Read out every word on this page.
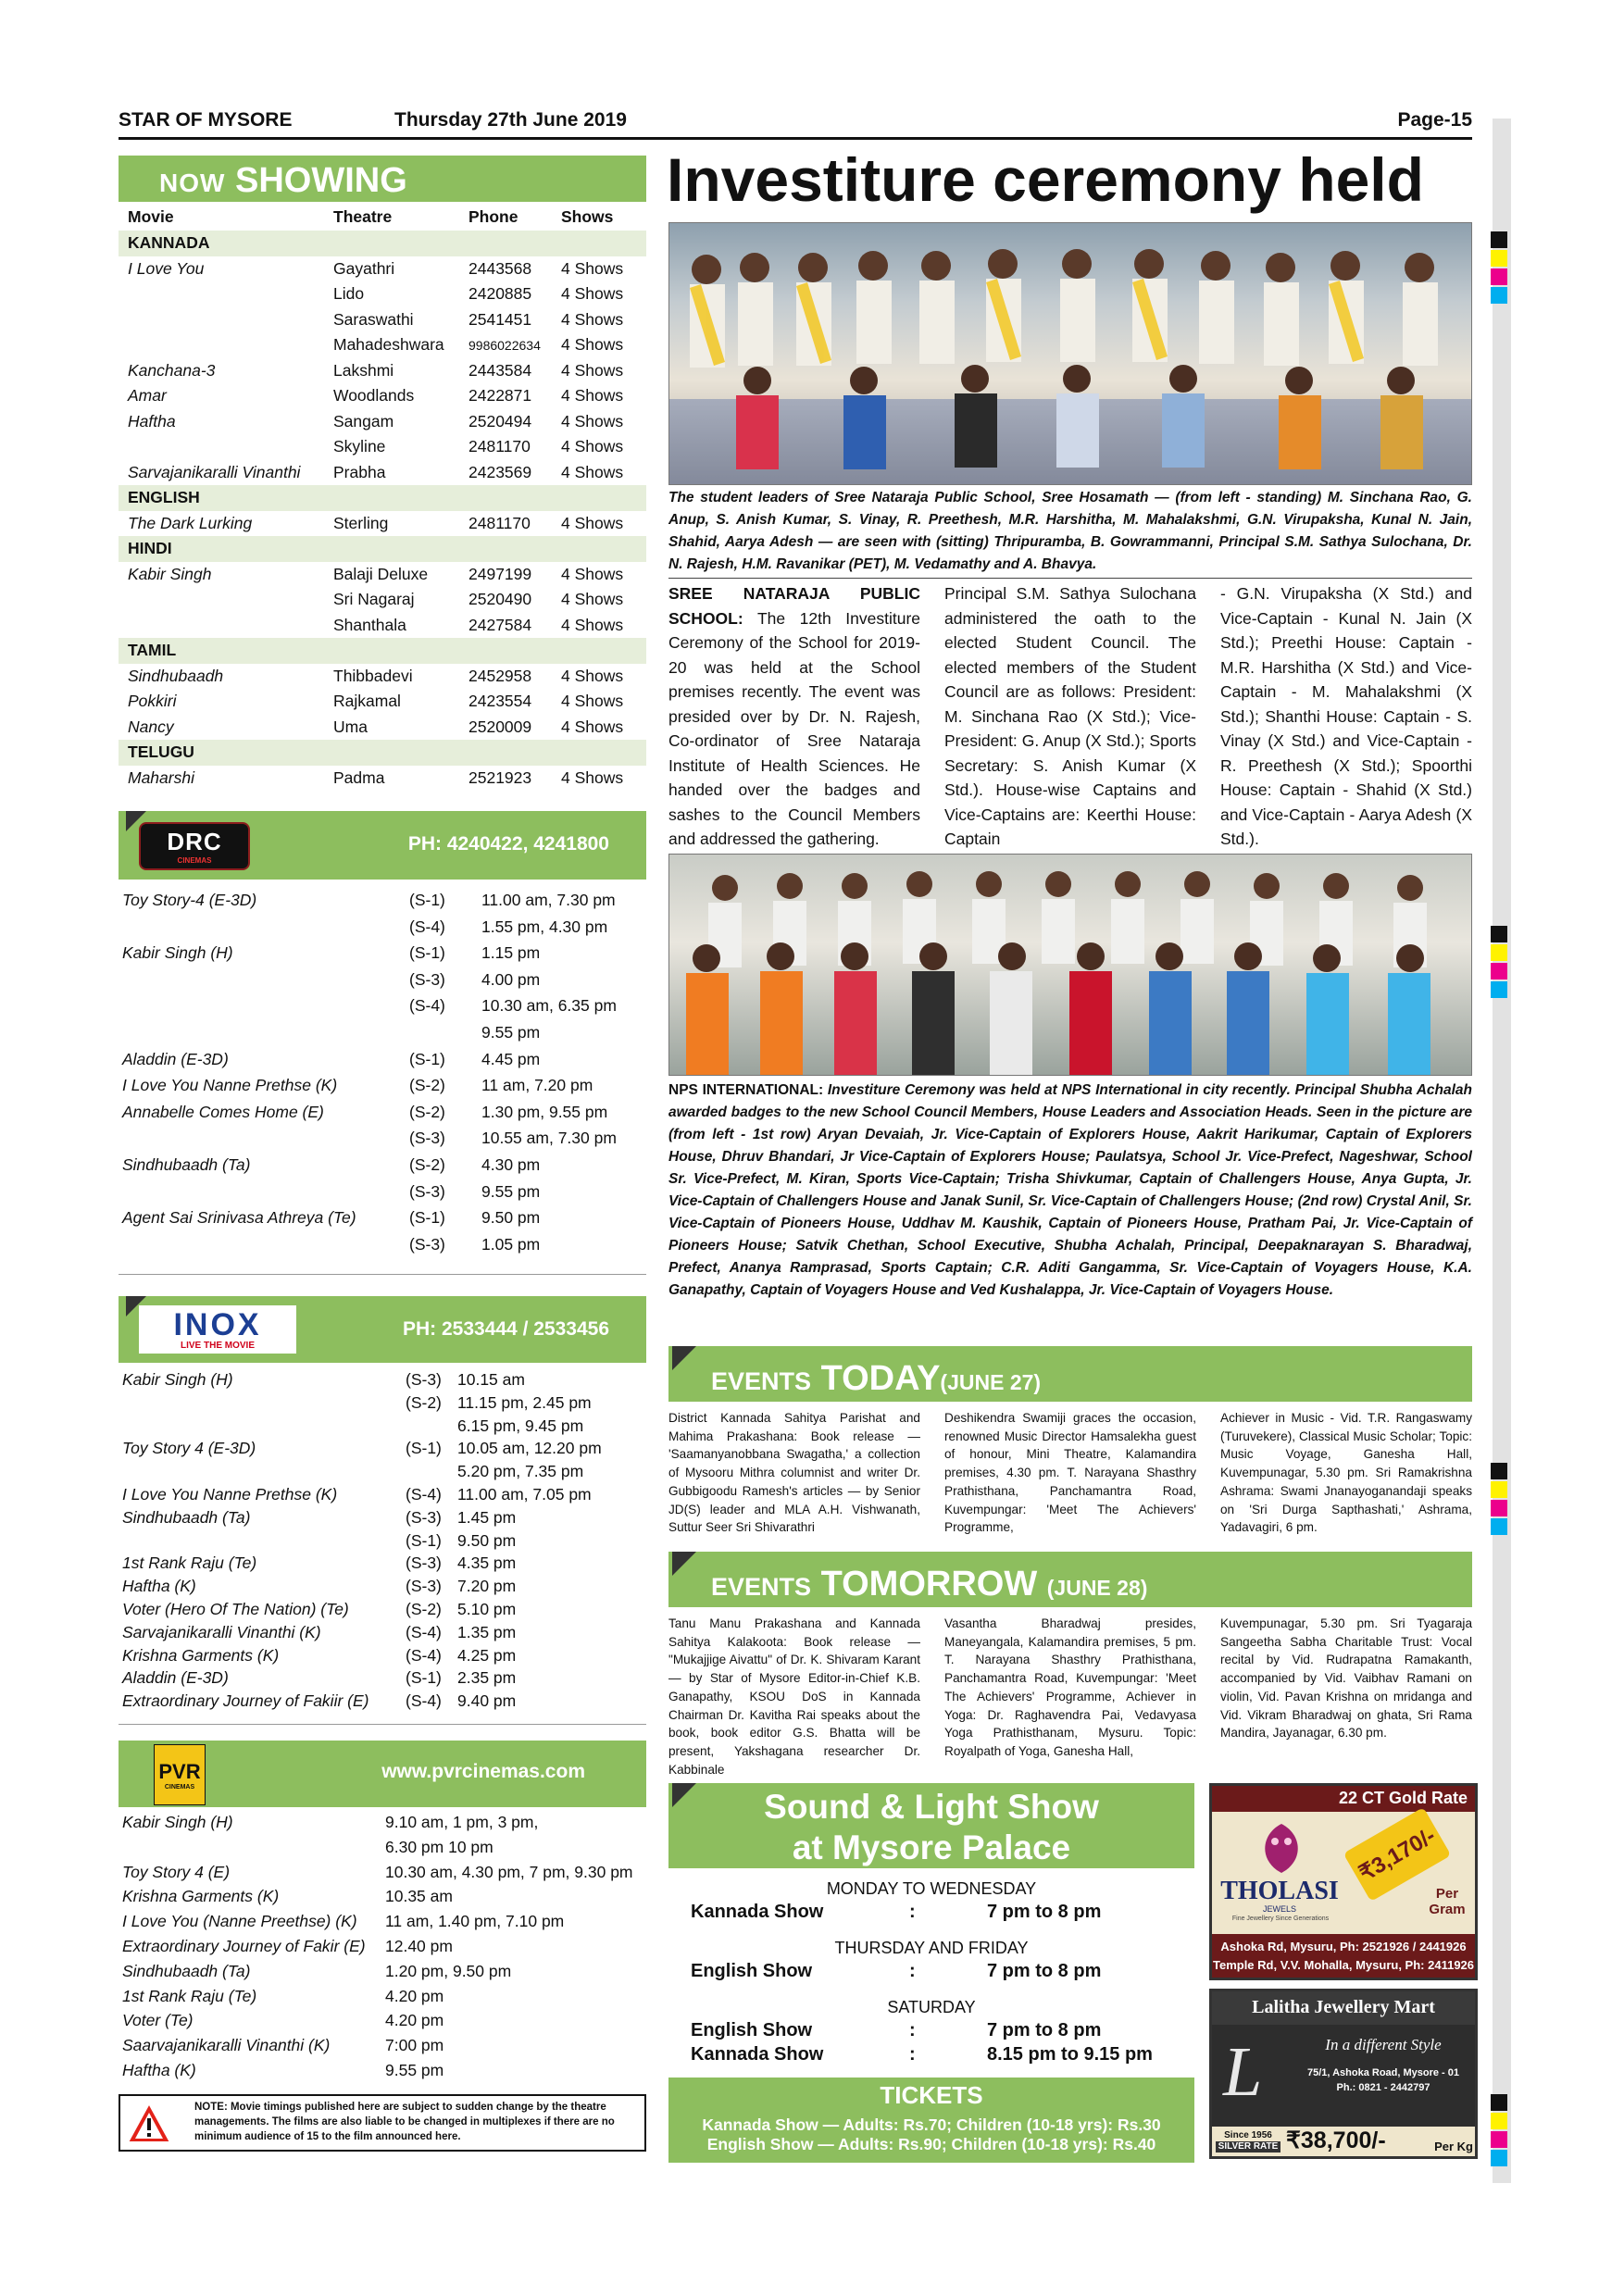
STAR OF MYSORE	Thursday 27th June 2019	Page-15
NOW SHOWING
Movie	Theatre	Phone	Shows
KANNADA			
I Love You	Gayathri	2443568	4 Shows
	Lido	2420885	4 Shows
	Saraswathi	2541451	4 Shows
	Mahadeshwara	9986022634	4 Shows
Kanchana-3	Lakshmi	2443584	4 Shows
Amar	Woodlands	2422871	4 Shows
Haftha	Sangam	2520494	4 Shows
	Skyline	2481170	4 Shows
Sarvajanikaralli Vinanthi	Prabha	2423569	4 Shows
ENGLISH			
The Dark Lurking	Sterling	2481170	4 Shows
HINDI			
Kabir Singh	Balaji Deluxe	2497199	4 Shows
	Sri Nagaraj	2520490	4 Shows
	Shanthala	2427584	4 Shows
TAMIL			
Sindhubaadh	Thibbadevi	2452958	4 Shows
Pokkiri	Rajkamal	2423554	4 Shows
Nancy	Uma	2520009	4 Shows
TELUGU			
Maharshi	Padma	2521923	4 Shows
DRC
CINEMAS
PH: 4240422, 4241800
Toy Story-4 (E-3D)	(S-1)	11.00 am, 7.30 pm
	(S-4)	1.55 pm, 4.30 pm
Kabir Singh (H)	(S-1)	1.15 pm
	(S-3)	4.00 pm
	(S-4)	10.30 am, 6.35 pm
		9.55 pm
Aladdin (E-3D)	(S-1)	4.45 pm
I Love You Nanne Prethse (K)	(S-2)	11 am, 7.20 pm
Annabelle Comes Home (E)	(S-2)	1.30 pm, 9.55 pm
	(S-3)	10.55 am, 7.30 pm
Sindhubaadh (Ta)	(S-2)	4.30 pm
	(S-3)	9.55 pm
Agent Sai Srinivasa Athreya (Te)	(S-1)	9.50 pm
	(S-3)	1.05 pm
INOX
LIVE THE MOVIE
PH: 2533444 / 2533456
Kabir Singh (H)	(S-3)	10.15 am
	(S-2)	11.15 pm, 2.45 pm
		6.15 pm, 9.45 pm
Toy Story 4 (E-3D)	(S-1)	10.05 am, 12.20 pm
		5.20 pm, 7.35 pm
I Love You Nanne Prethse (K)	(S-4)	11.00 am, 7.05 pm
Sindhubaadh (Ta)	(S-3)	1.45 pm
	(S-1)	9.50 pm
1st Rank Raju (Te)	(S-3)	4.35 pm
Haftha (K)	(S-3)	7.20 pm
Voter (Hero Of The Nation) (Te)	(S-2)	5.10 pm
Sarvajanikaralli Vinanthi (K)	(S-4)	1.35 pm
Krishna Garments (K)	(S-4)	4.25 pm
Aladdin (E-3D)	(S-1)	2.35 pm
Extraordinary Journey of Fakiir (E)	(S-4)	9.40 pm
PVR
CINEMAS
www.pvrcinemas.com
Kabir Singh (H)	9.10 am, 1 pm, 3 pm,
	6.30 pm 10 pm
Toy Story 4 (E)	10.30 am, 4.30 pm, 7 pm, 9.30 pm
Krishna Garments (K)	10.35 am
I Love You (Nanne Preethse) (K)	11 am, 1.40 pm, 7.10 pm
Extraordinary Journey of Fakir (E)	12.40 pm
Sindhubaadh (Ta)	1.20 pm, 9.50 pm
1st Rank Raju (Te)	4.20 pm
Voter (Te)	4.20 pm
Saarvajanikaralli Vinanthi (K)	7:00 pm
Haftha (K)	9.55 pm
NOTE: Movie timings published here are subject to sudden change by the theatre managements. The films are also liable to be changed in multiplexes if there are no minimum audience of 15 to the film announced here.
Investiture ceremony held
The student leaders of Sree Nataraja Public School, Sree Hosamath — (from left - standing) M. Sinchana Rao, G. Anup, S. Anish Kumar, S. Vinay, R. Preethesh, M.R. Harshitha, M. Mahalakshmi, G.N. Virupaksha, Kunal N. Jain, Shahid, Aarya Adesh — are seen with (sitting) Thripuramba, B. Gowrammanni, Principal S.M. Sathya Sulochana, Dr. N. Rajesh, H.M. Ravanikar (PET), M. Vedamathy and A. Bhavya.
SREE NATARAJA PUBLIC SCHOOL: The 12th Investiture Ceremony of the School for 2019-20 was held at the School premises recently. The event was presided over by Dr. N. Rajesh, Co-ordinator of Sree Nataraja Institute of Health Sciences. He handed over the badges and sashes to the Council Members and addressed the gathering.
Principal S.M. Sathya Sulochana administered the oath to the elected Student Council. The elected members of the Student Council are as follows: President: M. Sinchana Rao (X Std.); Vice-President: G. Anup (X Std.); Sports Secretary: S. Anish Kumar (X Std.). House-wise Captains and Vice-Captains are: Keerthi House: Captain
- G.N. Virupaksha (X Std.) and Vice-Captain - Kunal N. Jain (X Std.); Preethi House: Captain - M.R. Harshitha (X Std.) and Vice-Captain - M. Mahalakshmi (X Std.); Shanthi House: Captain - S. Vinay (X Std.) and Vice-Captain - R. Preethesh (X Std.); Spoorthi House: Captain - Shahid (X Std.) and Vice-Captain - Aarya Adesh (X Std.).
NPS INTERNATIONAL: Investiture Ceremony was held at NPS International in city recently. Principal Shubha Achalah awarded badges to the new School Council Members, House Leaders and Association Heads. Seen in the picture are (from left - 1st row) Aryan Devaiah, Jr. Vice-Captain of Explorers House, Aakrit Harikumar, Captain of Explorers House, Dhruv Bhandari, Jr Vice-Captain of Explorers House; Paulatsya, School Jr. Vice-Prefect, Nageshwar, School Sr. Vice-Prefect, M. Kiran, Sports Vice-Captain; Trisha Shivkumar, Captain of Challengers House, Anya Gupta, Jr. Vice-Captain of Challengers House and Janak Sunil, Sr. Vice-Captain of Challengers House; (2nd row) Crystal Anil, Sr. Vice-Captain of Pioneers House, Uddhav M. Kaushik, Captain of Pioneers House, Pratham Pai, Jr. Vice-Captain of Pioneers House; Satvik Chethan, School Executive, Shubha Achalah, Principal, Deepaknarayan S. Bharadwaj, Prefect, Ananya Ramprasad, Sports Captain; C.R. Aditi Gangamma, Sr. Vice-Captain of Voyagers House, K.A. Ganapathy, Captain of Voyagers House and Ved Kushalappa, Jr. Vice-Captain of Voyagers House.
EVENTS TODAY(JUNE 27)
District Kannada Sahitya Parishat and Mahima Prakashana: Book release — 'Saamanyanobbana Swagatha,' a collection of Mysooru Mithra columnist and writer Dr. Gubbigoodu Ramesh's articles — by Senior JD(S) leader and MLA A.H. Vishwanath, Suttur Seer Sri Shivarathri
Deshikendra Swamiji graces the occasion, renowned Music Director Hamsalekha guest of honour, Mini Theatre, Kalamandira premises, 4.30 pm. T. Narayana Shasthry Prathisthana, Panchamantra Road, Kuvempungar: 'Meet The Achievers' Programme,
Achiever in Music - Vid. T.R. Rangaswamy (Turuvekere), Classical Music Scholar; Topic: Music Voyage, Ganesha Hall, Kuvempunagar, 5.30 pm. Sri Ramakrishna Ashrama: Swami Jnanayoganandaji speaks on 'Sri Durga Sapthashati,' Ashrama, Yadavagiri, 6 pm.
EVENTS TOMORROW (JUNE 28)
Tanu Manu Prakashana and Kannada Sahitya Kalakoota: Book release — "Mukajjige Aivattu" of Dr. K. Shivaram Karant — by Star of Mysore Editor-in-Chief K.B. Ganapathy, KSOU DoS in Kannada Chairman Dr. Kavitha Rai speaks about the book, book editor G.S. Bhatta will be present, Yakshagana researcher Dr. Kabbinale
Vasantha Bharadwaj presides, Maneyangala, Kalamandira premises, 5 pm. T. Narayana Shasthry Prathisthana, Panchamantra Road, Kuvempungar: 'Meet The Achievers' Programme, Achiever in Yoga: Dr. Raghavendra Pai, Vedavyasa Yoga Prathisthanam, Mysuru. Topic: Royalpath of Yoga, Ganesha Hall,
Kuvempunagar, 5.30 pm. Sri Tyagaraja Sangeetha Sabha Charitable Trust: Vocal recital by Vid. Rudrapatna Ramakanth, accompanied by Vid. Vaibhav Ramani on violin, Vid. Pavan Krishna on mridanga and Vid. Vikram Bharadwaj on ghata, Sri Rama Mandira, Jayanagar, 6.30 pm.
Sound & Light Show
at Mysore Palace
MONDAY TO WEDNESDAY
Kannada Show	:	7 pm to 8 pm
THURSDAY AND FRIDAY
English Show	:	7 pm to 8 pm
SATURDAY
English Show	:	7 pm to 8 pm
Kannada Show	:	8.15 pm to 9.15 pm
TICKETS
Kannada Show — Adults: Rs.70; Children (10-18 yrs): Rs.30
English Show — Adults: Rs.90; Children (10-18 yrs): Rs.40
22 CT Gold Rate
THOLASI
JEWELS
Fine Jewellery Since Generations
₹3,170/-
Per Gram
Ashoka Rd, Mysuru, Ph: 2521926 / 2441926
Temple Rd, V.V. Mohalla, Mysuru, Ph: 2411926
Lalitha Jewellery Mart
L	In a different Style
75/1, Ashoka Road, Mysore - 01
Ph.: 0821 - 2442797
Since 1956
SILVER RATE ₹38,700/-	Per Kg
